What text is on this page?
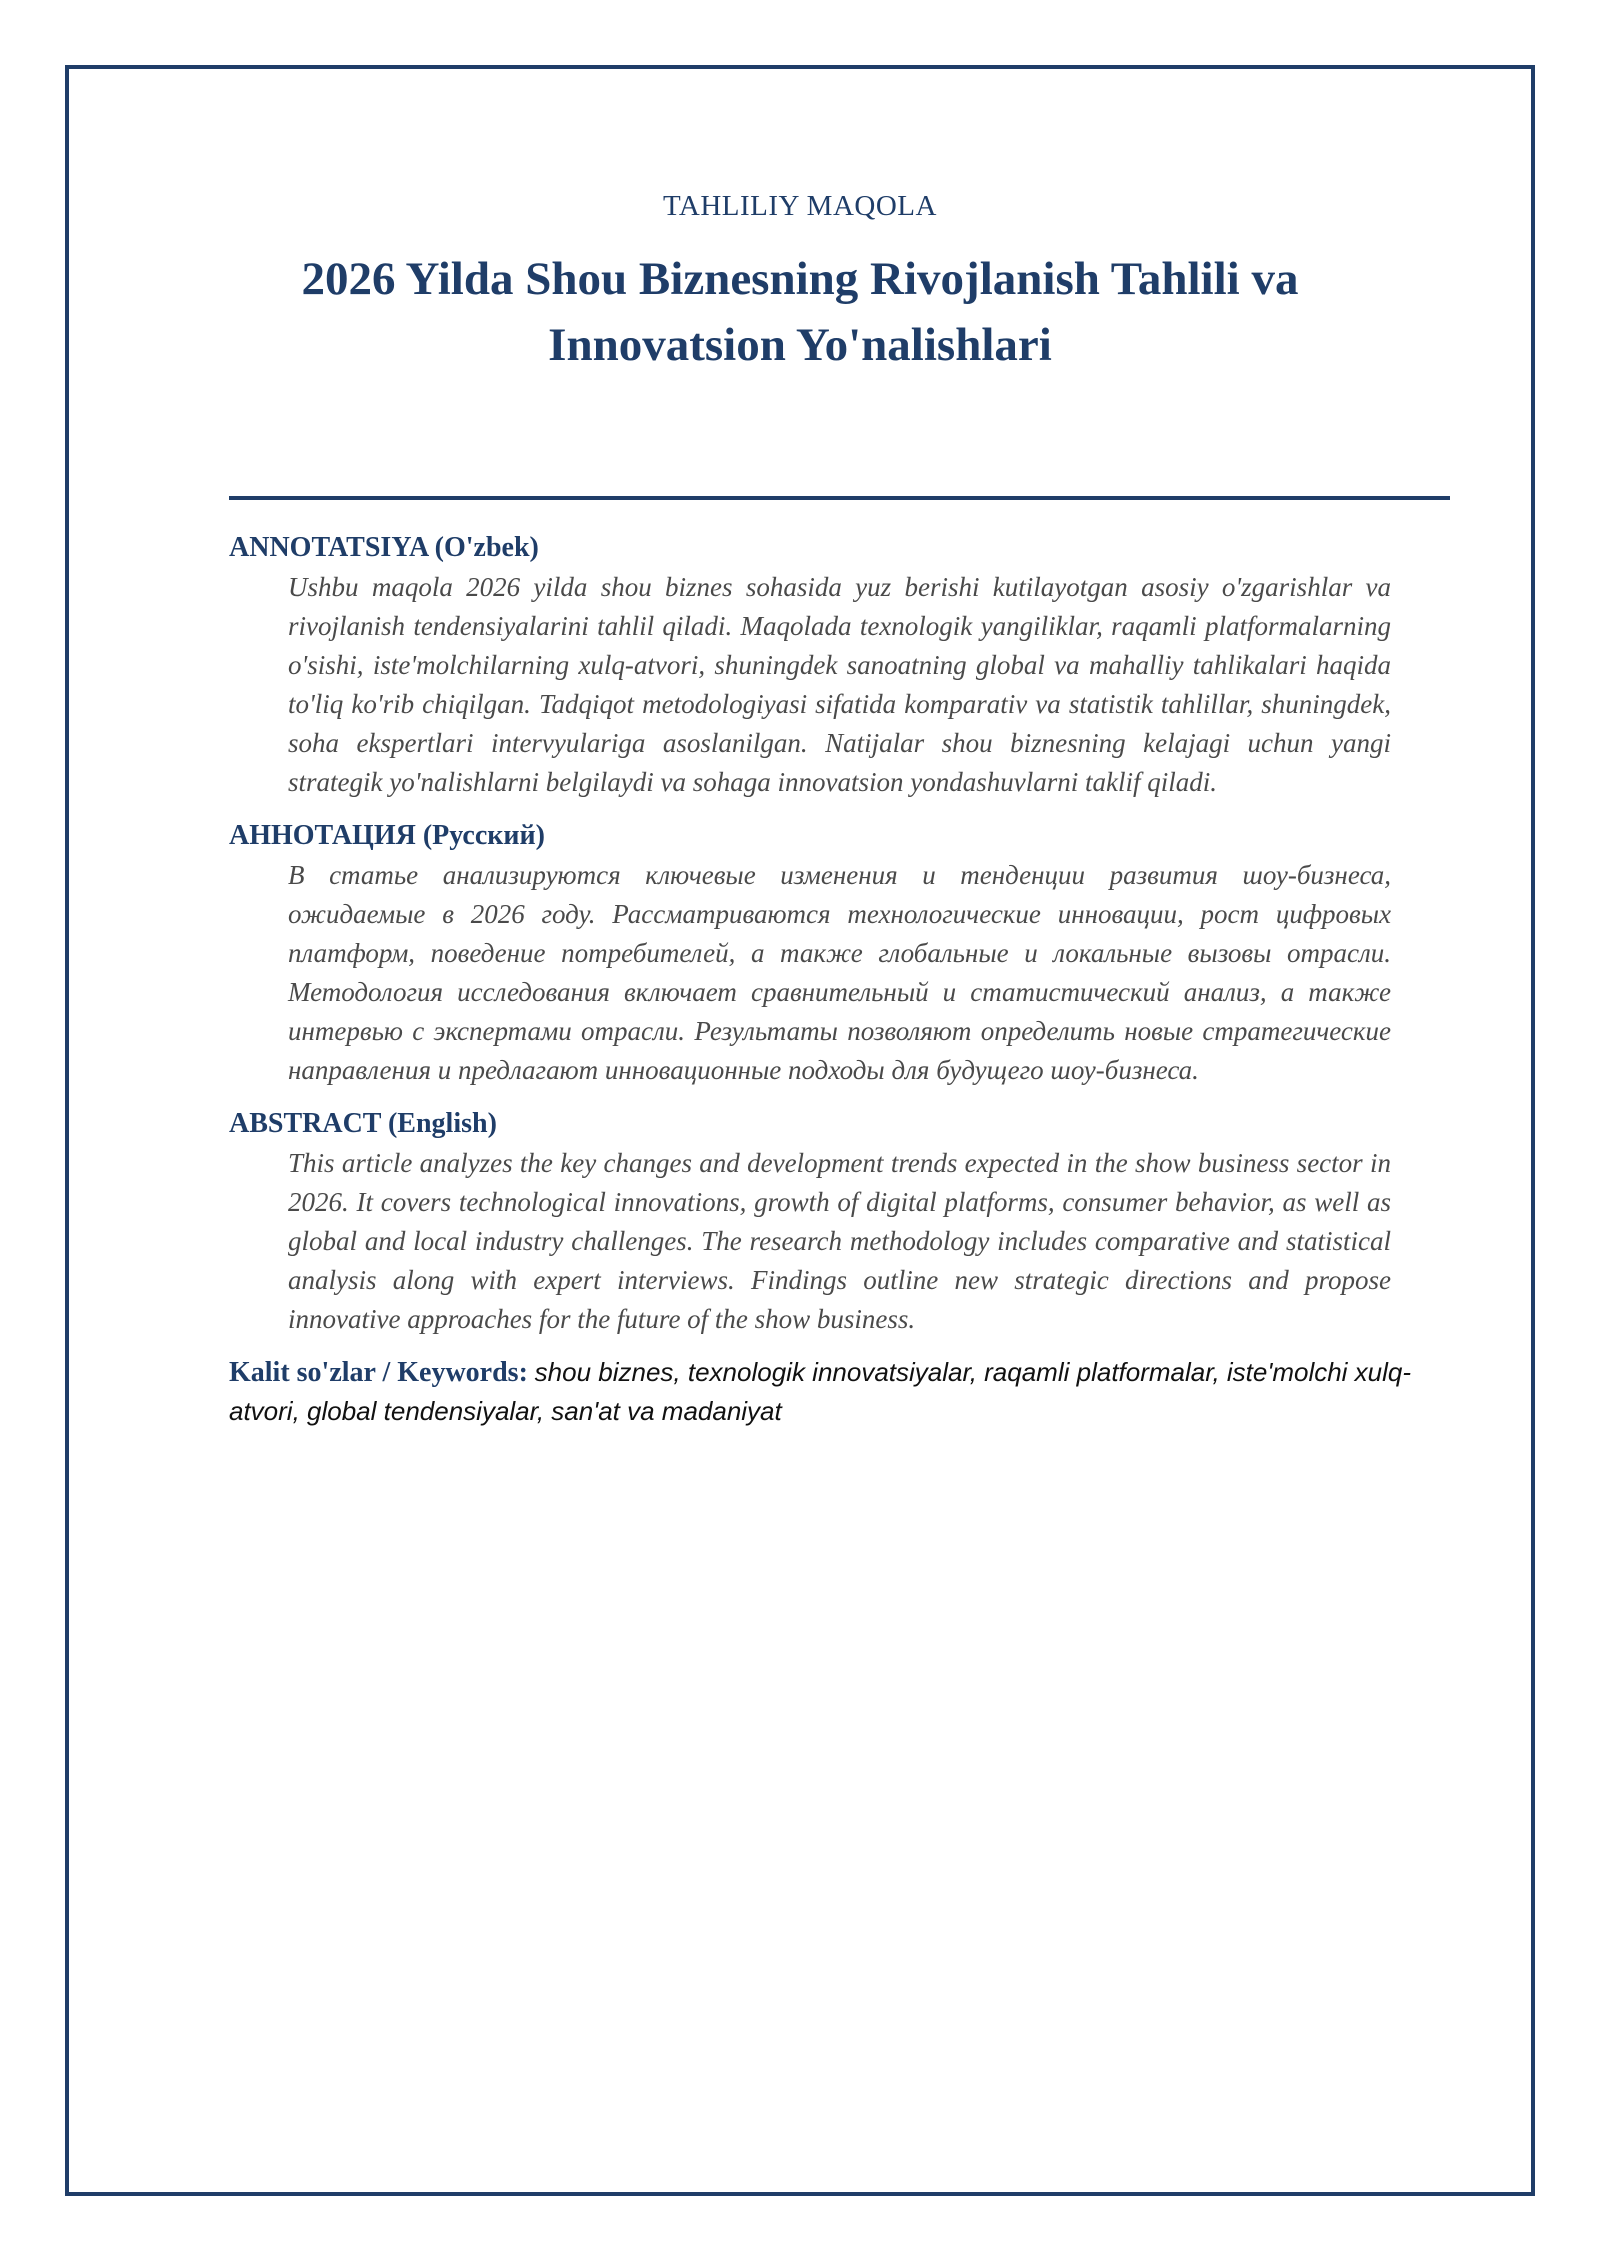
TAHLILIY MAQOLA
2026 Yilda Shou Biznesning Rivojlanish Tahlili va Innovatsion Yo'nalishlari
ANNOTATSIYA (O'zbek)

Ushbu maqola 2026 yilda shou biznes sohasida yuz berishi kutilayotgan asosiy o'zgarishlar va rivojlanish tendensiyalarini tahlil qiladi. Maqolada texnologik yangiliklar, raqamli platformalarning o'sishi, iste'molchilarning xulq-atvori, shuningdek sanoatning global va mahalliy tahlikalari haqida to'liq ko'rib chiqilgan. Tadqiqot metodologiyasi sifatida komparativ va statistik tahlillar, shuningdek, soha ekspertlari intervyulariga asoslanilgan. Natijalar shou biznesning kelajagi uchun yangi strategik yo'nalishlarni belgilaydi va sohaga innovatsion yondashuvlarni taklif qiladi.

АННОТАЦИЯ (Русский)

В статье анализируются ключевые изменения и тенденции развития шоу-бизнеса, ожидаемые в 2026 году. Рассматриваются технологические инновации, рост цифровых платформ, поведение потребителей, а также глобальные и локальные вызовы отрасли. Методология исследования включает сравнительный и статистический анализ, а также интервью с экспертами отрасли. Результаты позволяют определить новые стратегические направления и предлагают инновационные подходы для будущего шоу-бизнеса.

ABSTRACT (English)

This article analyzes the key changes and development trends expected in the show business sector in 2026. It covers technological innovations, growth of digital platforms, consumer behavior, as well as global and local industry challenges. The research methodology includes comparative and statistical analysis along with expert interviews. Findings outline new strategic directions and propose innovative approaches for the future of the show business.

Kalit so'zlar / Keywords: shou biznes, texnologik innovatsiyalar, raqamli platformalar, iste'molchi xulq-atvori, global tendensiyalar, san'at va madaniyat
